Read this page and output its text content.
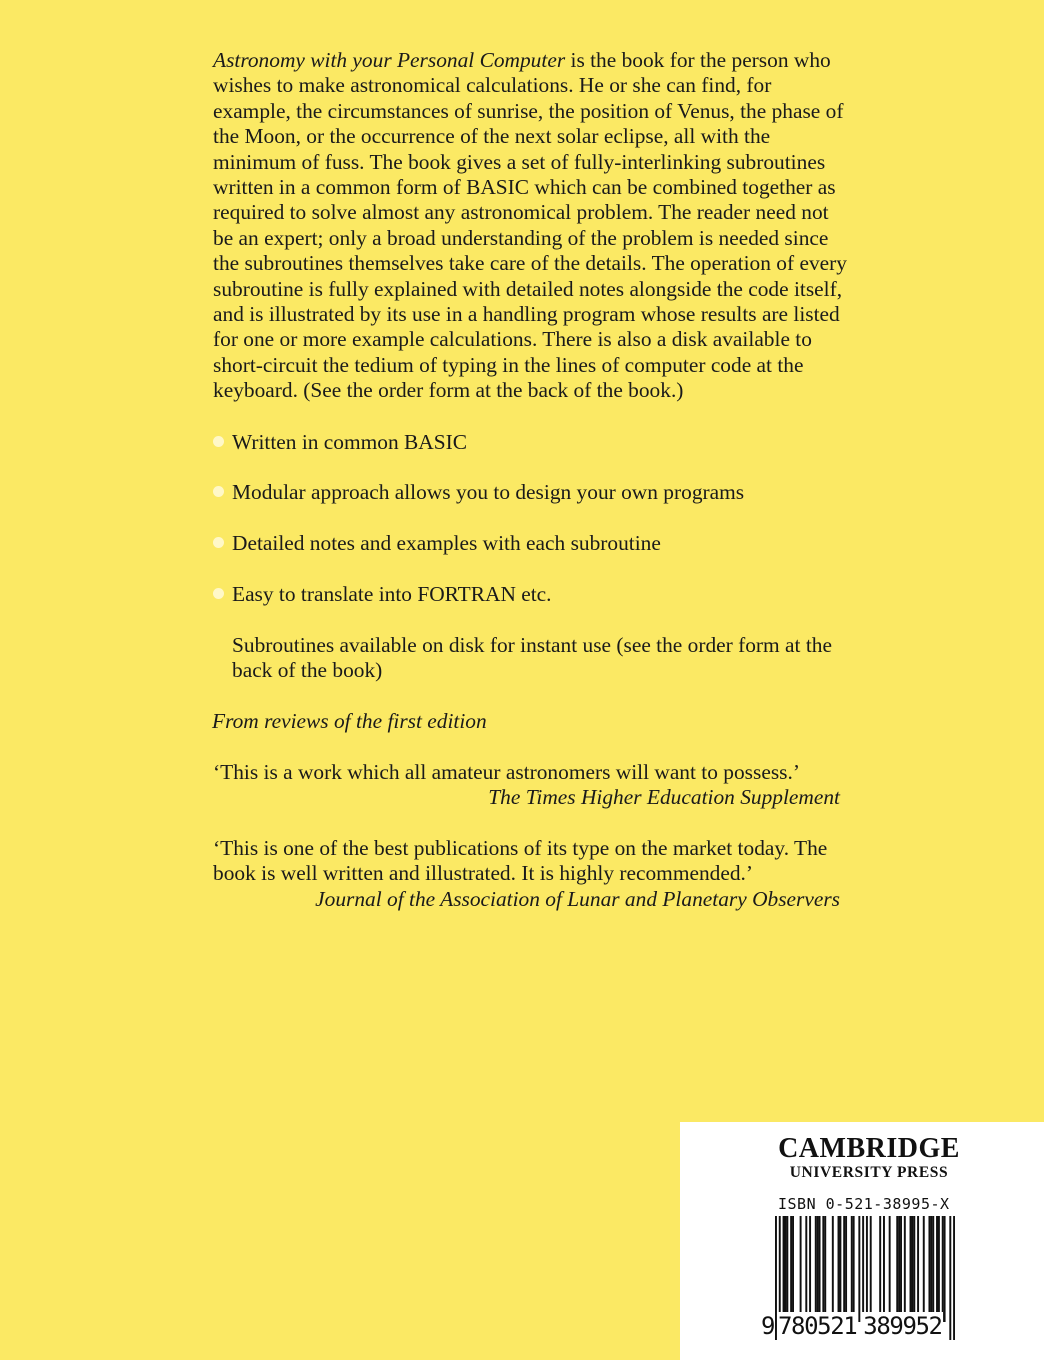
Astronomy with your Personal Computer is the book for the person who wishes to make astronomical calculations. He or she can find, for example, the circumstances of sunrise, the position of Venus, the phase of the Moon, or the occurrence of the next solar eclipse, all with the minimum of fuss. The book gives a set of fully-interlinking subroutines written in a common form of BASIC which can be combined together as required to solve almost any astronomical problem. The reader need not be an expert; only a broad understanding of the problem is needed since the subroutines themselves take care of the details. The operation of every subroutine is fully explained with detailed notes alongside the code itself, and is illustrated by its use in a handling program whose results are listed for one or more example calculations. There is also a disk available to short-circuit the tedium of typing in the lines of computer code at the keyboard. (See the order form at the back of the book.)

Written in common BASIC
Modular approach allows you to design your own programs
Detailed notes and examples with each subroutine
Easy to translate into FORTRAN etc.
Subroutines available on disk for instant use (see the order form at the back of the book)
From reviews of the first edition
‘This is a work which all amateur astronomers will want to possess.’
The Times Higher Education Supplement
‘This is one of the best publications of its type on the market today. The book is well written and illustrated. It is highly recommended.’
Journal of the Association of Lunar and Planetary Observers
CAMBRIDGE
UNIVERSITY PRESS
ISBN 0-521-38995-X
9 780521 389952
